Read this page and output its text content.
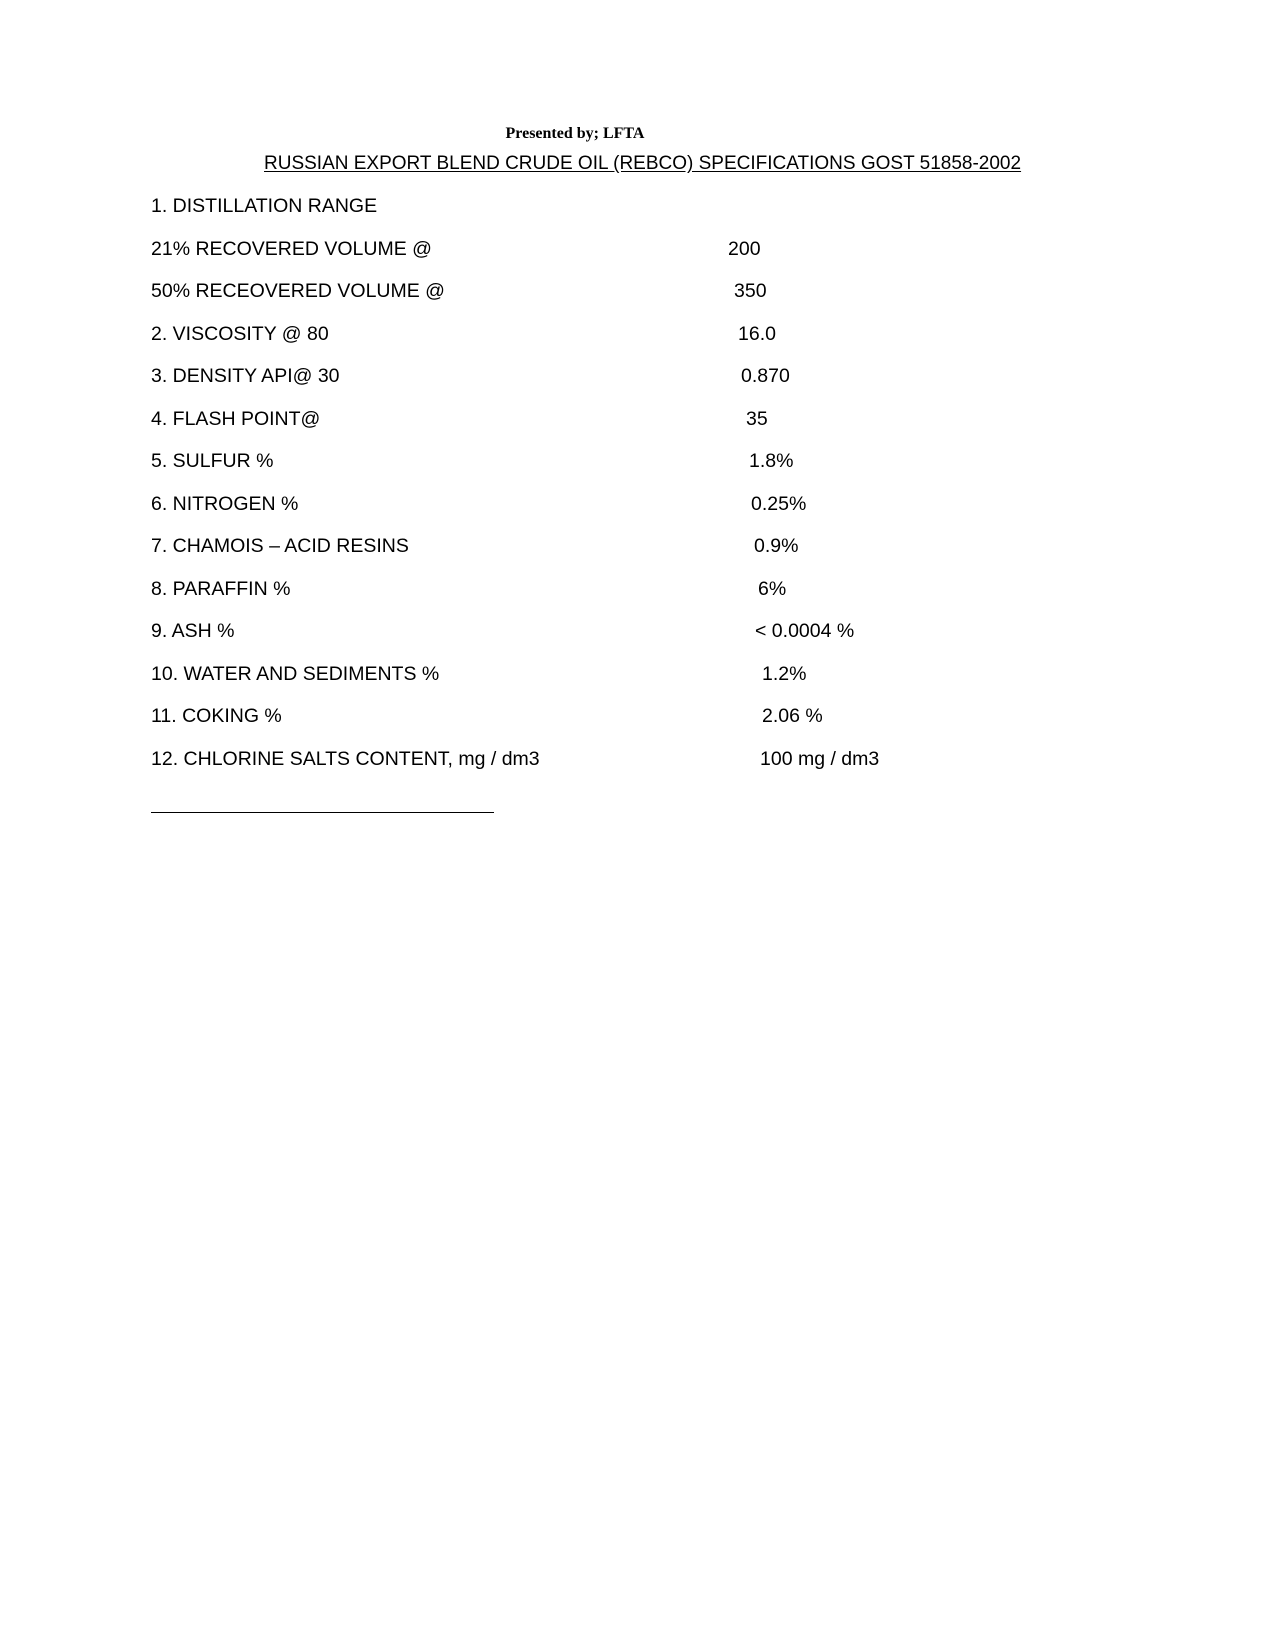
Presented by; LFTA
RUSSIAN EXPORT BLEND CRUDE OIL (REBCO) SPECIFICATIONS GOST 51858-2002
1. DISTILLATION RANGE
21% RECOVERED VOLUME @	200
50% RECEOVERED VOLUME @	350
2. VISCOSITY @ 80	16.0
3. DENSITY API@ 30	0.870
4. FLASH POINT@	35
5. SULFUR %	1.8%
6. NITROGEN %	0.25%
7. CHAMOIS – ACID RESINS	0.9%
8. PARAFFIN %	6%
9. ASH %	< 0.0004 %
10. WATER AND SEDIMENTS %	1.2%
11. COKING %	2.06 %
12. CHLORINE SALTS CONTENT, mg / dm3	100 mg / dm3
